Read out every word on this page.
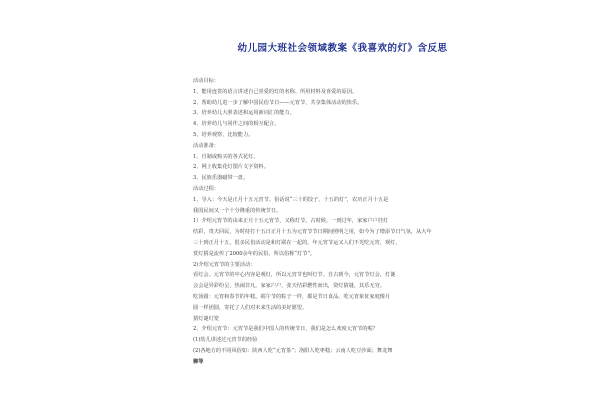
幼儿园大班社会领域教案《我喜欢的灯》含反思
活动目标：
1、能用连贯的语言讲述自己喜爱的灯的名称、所用材料及喜爱的原因。
2、帮助幼儿进一步了解中国民俗节日——元宵节，共享集体活动的快乐。
3、培养幼儿大胆表述和运用新词汇的能力。
4、培养幼儿与同伴之间的相互配合。
5、培养观察、比较能力。
活动准备：
1、自制或购买的各式花灯。
2、网上收集花灯图片文字资料。
3、民族乐器磁带一盘。
活动过程：
1、导入：今天是正月十五元宵节。俗话说“三十的饺子，十五的灯”，农历正月十五是
我国民间又一个十分隆重的传统节日。
1）介绍元宵节的由来正月十五元宵节，又称灯节。古时候，一到过年，家家户户挂灯
结彩，贵夫回民，为时持打十五日正月十五为元宵节节日期间照明之用，如今为了增添节日气氛，从大年
三十到正月十五，很多民俗活动是和灯联在一起的，年元宵节运又人们不光吃元宵，观灯，
赏灯猜是流传了2000余年的民俗，所以俗称“灯节”。
2)介绍元宵节的主要活动：
看灯会。元宵节的中心内容是观灯，所以元宵节也叫灯节。自古到今，元宵节灯会，灯谜
会会是异彩纷呈，热闹非凡。家家户户，张天结彩燃性而出，资灯猜谜，其乐无穷。
吃汤圆：元宵和春节的年糕，端午节的粽子一样，都是节日食品。吃元宵象征家庭像月
圆一样团圆，寄托了人们对未来生活的美好愿望。
猜灯谜灯笼
2、介绍元宵节：元宵节是我们中国人的传统节日，我们是怎么欢度元宵节的呢？
(1)幼儿讲述过元宵节的经验
(2)各地方的不同风俗如：陕西人吃“元宵茶”；洛阳人吃枣糕；云南人吃豆沙面；舞龙舞
狮等
